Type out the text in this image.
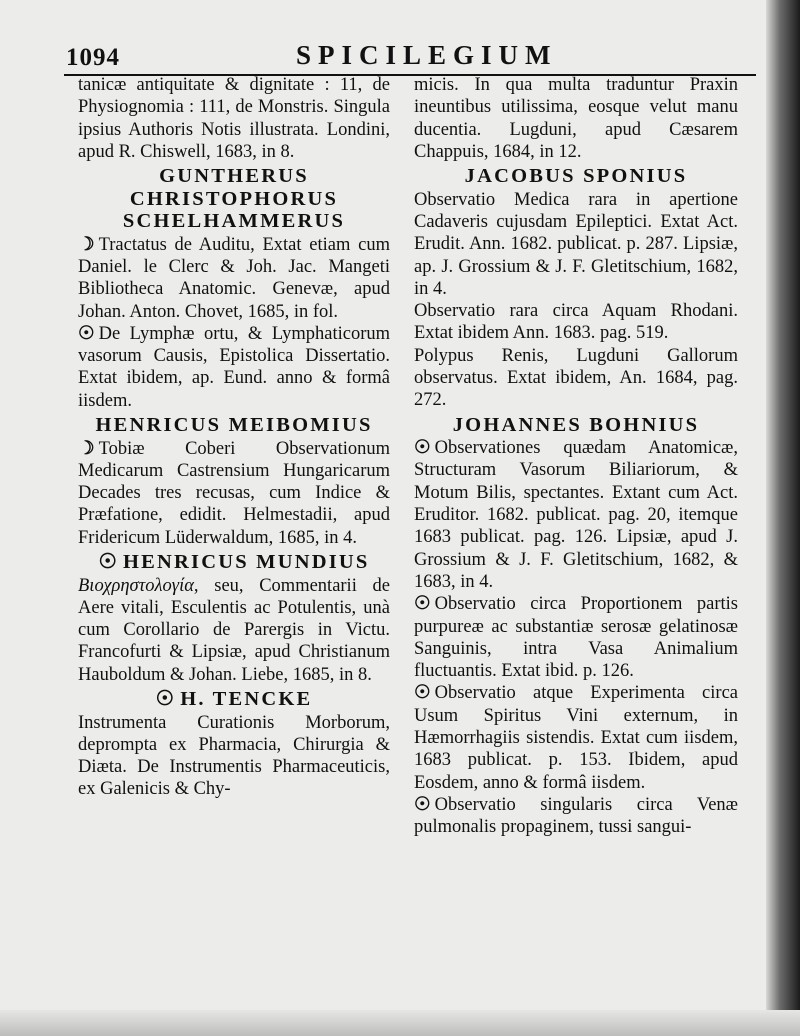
1094	SPICILEGIUM

tanicæ antiquitate & dignitate : 11, de Physiognomia : 111, de Monstris. Singula ipsius Authoris Notis illustrata. Londini, apud R. Chiswell, 1683, in 8.

GUNTHERUS CHRISTOPHORUS SCHELHAMMERUS

☽ Tractatus de Auditu, Extat etiam cum Daniel. le Clerc & Joh. Jac. Mangeti Bibliotheca Anatomic. Genevæ, apud Johan. Anton. Chovet, 1685, in fol.

☉ De Lymphæ ortu, & Lymphaticorum vasorum Causis, Epistolica Dissertatio. Extat ibidem, ap. Eund. anno & formâ iisdem.

HENRICUS MEIBOMIUS

☽ Tobiæ Coberi Observationum Medicarum Castrensium Hungaricarum Decades tres recusas, cum Indice & Præfatione, edidit. Helmestadii, apud Fridericum Lüderwaldum, 1685, in 4.

☉ HENRICUS MUNDIUS

Βιοχρηστολογία, seu, Commentarii de Aere vitali, Esculentis ac Potulentis, unà cum Corollario de Parergis in Victu. Francofurti & Lipsiæ, apud Christianum Hauboldum & Johan. Liebe, 1685, in 8.

☉ H. TENCKE

Instrumenta Curationis Morborum, deprompta ex Pharmacia, Chirurgia & Diæta. De Instrumentis Pharmaceuticis, ex Galenicis & Chy-

micis. In qua multa traduntur Praxin ineuntibus utilissima, eosque velut manu ducentia. Lugduni, apud Cæsarem Chappuis, 1684, in 12.

JACOBUS SPONIUS

Observatio Medica rara in apertione Cadaveris cujusdam Epileptici. Extat Act. Erudit. Ann. 1682. publicat. p. 287. Lipsiæ, ap. J. Grossium & J. F. Gletitschium, 1682, in 4.

Observatio rara circa Aquam Rhodani. Extat ibidem Ann. 1683. pag. 519.

Polypus Renis, Lugduni Gallorum observatus. Extat ibidem, An. 1684, pag. 272.

JOHANNES BOHNIUS

☉ Observationes quædam Anatomicæ, Structuram Vasorum Biliariorum, & Motum Bilis, spectantes. Extant cum Act. Eruditor. 1682. publicat. pag. 20, itemque 1683 publicat. pag. 126. Lipsiæ, apud J. Grossium & J. F. Gletitschium, 1682, & 1683, in 4.

☉ Observatio circa Proportionem partis purpureæ ac substantiæ serosæ gelatinosæ Sanguinis, intra Vasa Animalium fluctuantis. Extat ibid. p. 126.

☉ Observatio atque Experimenta circa Usum Spiritus Vini externum, in Hæmorrhagiis sistendis. Extat cum iisdem, 1683 publicat. p. 153. Ibidem, apud Eosdem, anno & formâ iisdem.

☉ Observatio singularis circa Venæ pulmonalis propaginem, tussi sangui-
